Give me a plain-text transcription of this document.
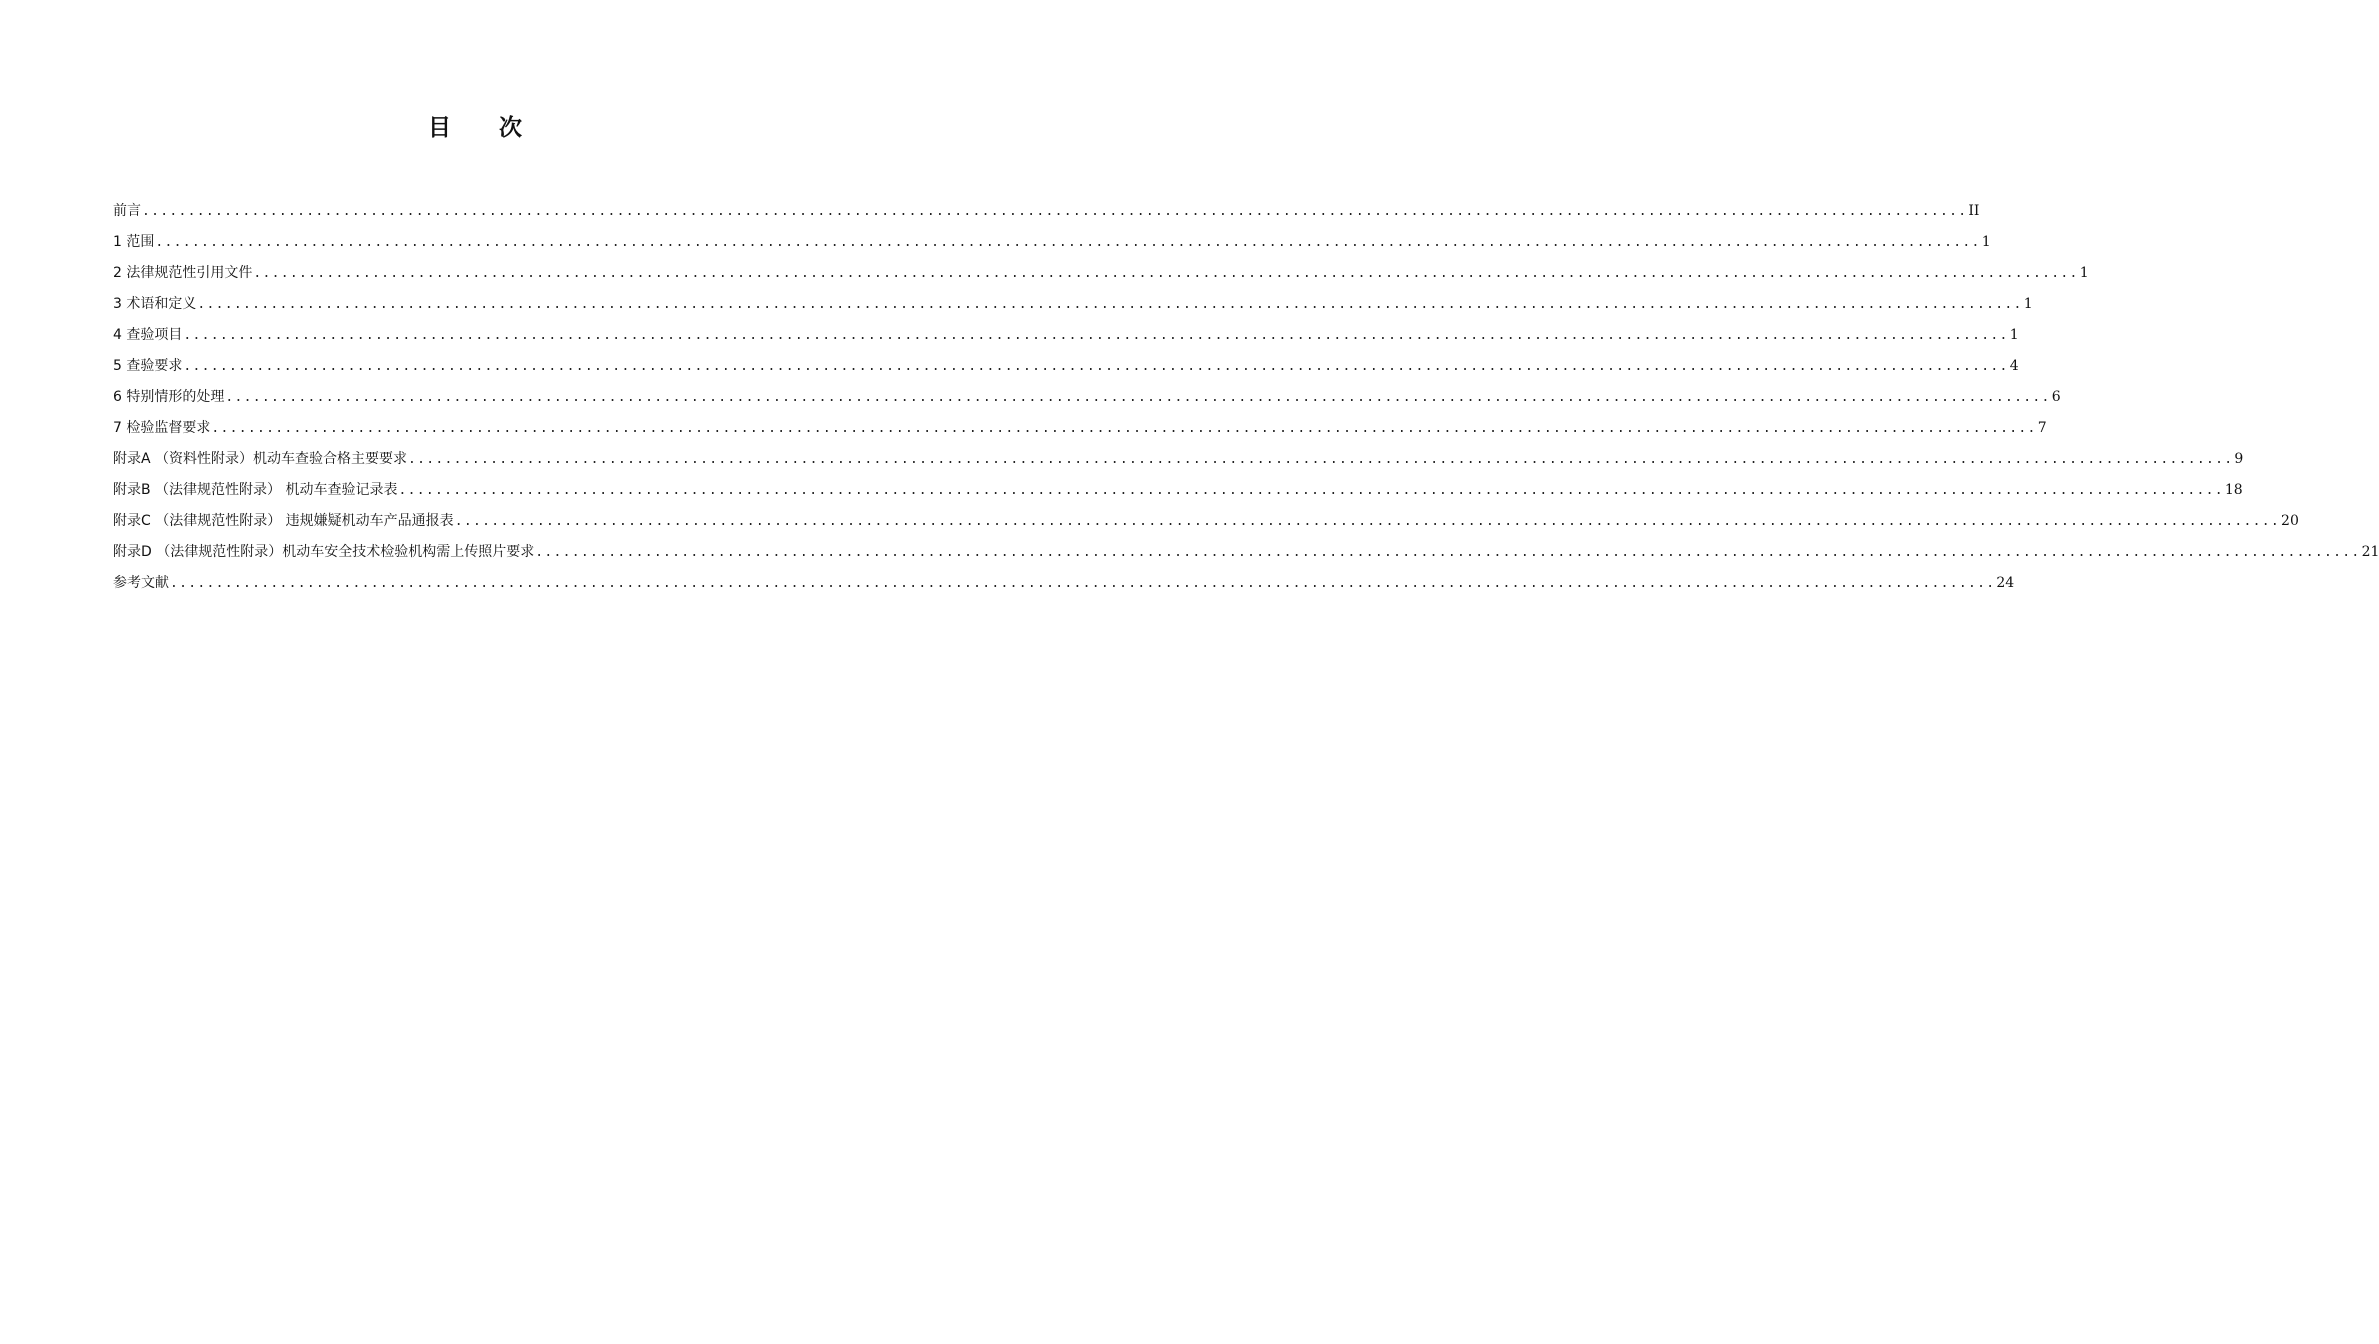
目 次
前言 ........................................................................................................................................................................................................ II
1 范围 ........................................................................................................................................................................................................ 1
2 法律规范性引用文件 ........................................................................................................................................................................................................ 1
3 术语和定义 ........................................................................................................................................................................................................ 1
4 查验项目 ........................................................................................................................................................................................................ 1
5 查验要求 ........................................................................................................................................................................................................ 4
6 特别情形的处理 ........................................................................................................................................................................................................ 6
7 检验监督要求 ........................................................................................................................................................................................................ 7
附录A （资料性附录）机动车查验合格主要要求 ........................................................................................................................................................................................................ 9
附录B （法律规范性附录） 机动车查验记录表 ........................................................................................................................................................................................................ 18
附录C （法律规范性附录） 违规嫌疑机动车产品通报表 ........................................................................................................................................................................................................ 20
附录D （法律规范性附录）机动车安全技术检验机构需上传照片要求 ........................................................................................................................................................................................................ 21
参考文献 ........................................................................................................................................................................................................ 24
